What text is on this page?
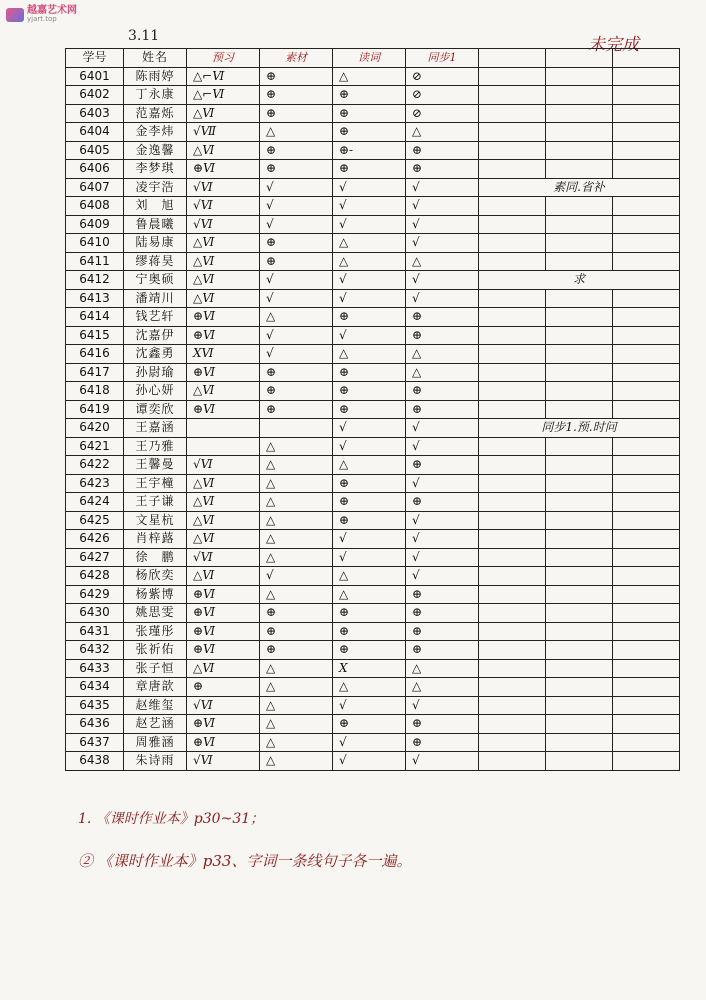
越嘉艺术网
yjart.top
3.11	未完成
学号	姓名	预习	素材	读词	同步1			
6401	陈雨婷	△⌐Ⅵ	⊕	△	⊘			
6402	丁永康	△⌐Ⅵ	⊕	⊕	⊘			
6403	范嘉烁	△Ⅵ	⊕	⊕	⊘			
6404	金李炜	√Ⅶ	△	⊕	△			
6405	金逸馨	△Ⅵ	⊕	⊕-	⊕			
6406	李梦琪	⊕Ⅵ	⊕	⊕	⊕			
6407	凌宇浩	√Ⅵ	√	√	√	素同.省补		
6408	刘　旭	√Ⅵ	√	√	√			
6409	鲁晨曦	√Ⅵ	√	√	√			
6410	陆易康	△Ⅵ	⊕	△	√			
6411	缪蒋昊	△Ⅵ	⊕	△	△			
6412	宁奥硕	△Ⅵ	√	√	√	求		
6413	潘靖川	△Ⅵ	√	√	√			
6414	钱艺轩	⊕Ⅵ	△	⊕	⊕			
6415	沈嘉伊	⊕Ⅵ	√	√	⊕			
6416	沈鑫勇	ⅩⅥ	√	△	△			
6417	孙尉瑜	⊕Ⅵ	⊕	⊕	△			
6418	孙心妍	△Ⅵ	⊕	⊕	⊕			
6419	谭奕欣	⊕Ⅵ	⊕	⊕	⊕			
6420	王嘉涵			√	√	同步1.预.时问		
6421	王乃雅		△	√	√			
6422	王馨曼	√Ⅵ	△	△	⊕			
6423	王宇橦	△Ⅵ	△	⊕	√			
6424	王子谦	△Ⅵ	△	⊕	⊕			
6425	文星杭	△Ⅵ	△	⊕	√			
6426	肖梓蕗	△Ⅵ	△	√	√			
6427	徐　鹏	√Ⅵ	△	√	√			
6428	杨欣奕	△Ⅵ	√	△	√			
6429	杨紫博	⊕Ⅵ	△	△	⊕			
6430	姚思雯	⊕Ⅵ	⊕	⊕	⊕			
6431	张瑾彤	⊕Ⅵ	⊕	⊕	⊕			
6432	张祈佑	⊕Ⅵ	⊕	⊕	⊕			
6433	张子恒	△Ⅵ	△	Ⅹ	△			
6434	章唐歆	⊕	△	△	△			
6435	赵维玺	√Ⅵ	△	√	√			
6436	赵艺涵	⊕Ⅵ	△	⊕	⊕			
6437	周雅涵	⊕Ⅵ	△	√	⊕			
6438	朱诗雨	√Ⅵ	△	√	√			
1. 《课时作业本》p30~31；
② 《课时作业本》p33、字词一条线句子各一遍。
